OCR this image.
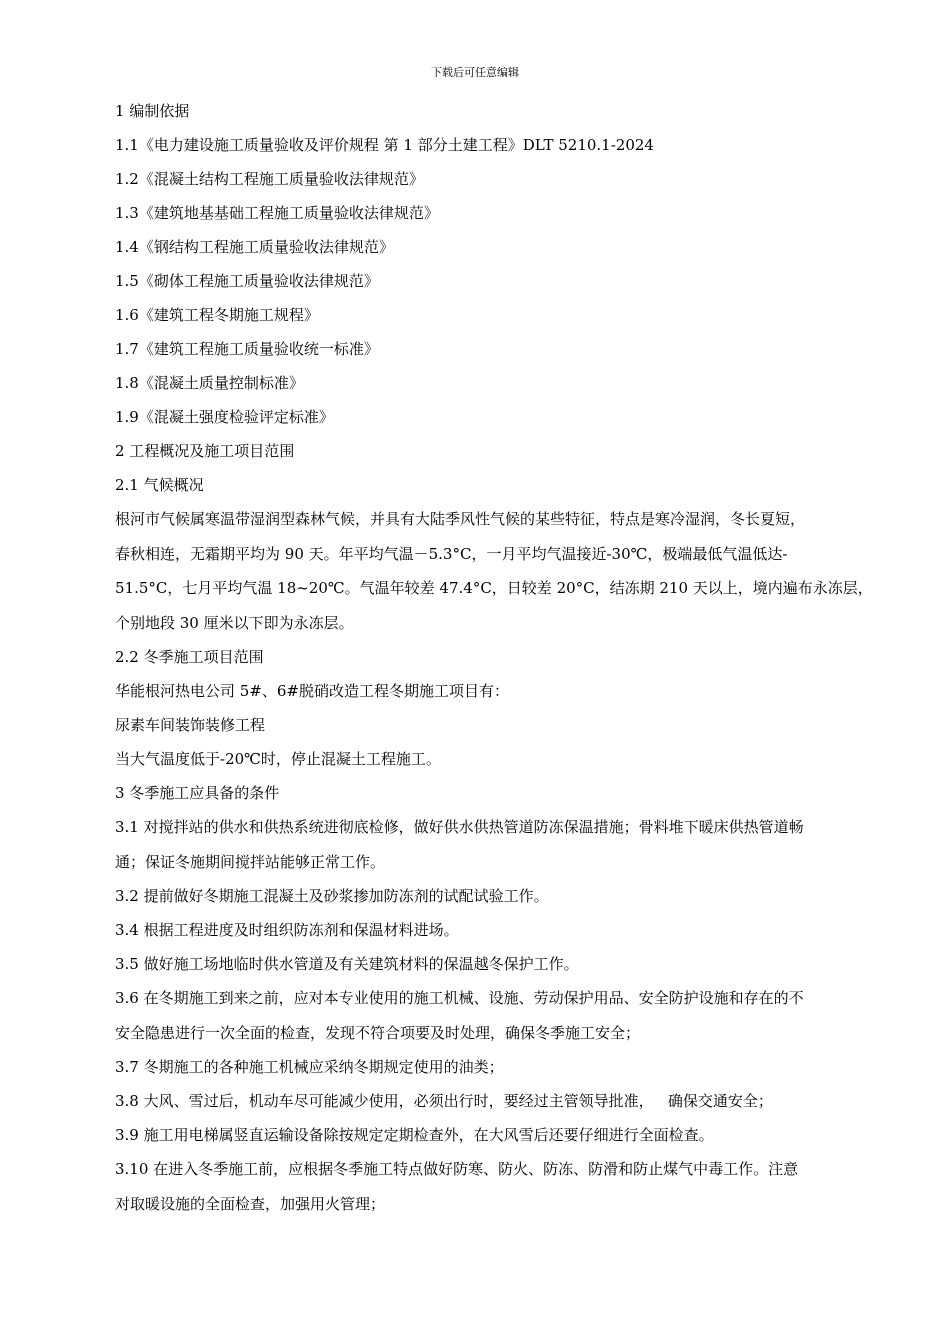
下载后可任意编辑
1 编制依据
1.1《电力建设施工质量验收及评价规程 第 1 部分土建工程》DLT 5210.1-2024
1.2《混凝土结构工程施工质量验收法律规范》
1.3《建筑地基基础工程施工质量验收法律规范》
1.4《钢结构工程施工质量验收法律规范》
1.5《砌体工程施工质量验收法律规范》
1.6《建筑工程冬期施工规程》
1.7《建筑工程施工质量验收统一标准》
1.8《混凝土质量控制标准》
1.9《混凝土强度检验评定标准》
2 工程概况及施工项目范围
2.1 气候概况
根河市气候属寒温带湿润型森林气候，并具有大陆季风性气候的某些特征，特点是寒冷湿润，冬长夏短，
春秋相连，无霜期平均为 90 天。年平均气温－5.3°C，一月平均气温接近-30℃，极端最低气温低达-
51.5°C，七月平均气温 18~20℃。气温年较差 47.4°C，日较差 20°C，结冻期 210 天以上，境内遍布永冻层，
个别地段 30 厘米以下即为永冻层。
2.2 冬季施工项目范围
华能根河热电公司 5#、6#脱硝改造工程冬期施工项目有：
尿素车间装饰装修工程
当大气温度低于-20℃时，停止混凝土工程施工。
3 冬季施工应具备的条件
3.1 对搅拌站的供水和供热系统进彻底检修，做好供水供热管道防冻保温措施；骨料堆下暖床供热管道畅
通；保证冬施期间搅拌站能够正常工作。
3.2 提前做好冬期施工混凝土及砂浆掺加防冻剂的试配试验工作。
3.4 根据工程进度及时组织防冻剂和保温材料进场。
3.5 做好施工场地临时供水管道及有关建筑材料的保温越冬保护工作。
3.6 在冬期施工到来之前，应对本专业使用的施工机械、设施、劳动保护用品、安全防护设施和存在的不
安全隐患进行一次全面的检查，发现不符合项要及时处理，确保冬季施工安全；
3.7 冬期施工的各种施工机械应采纳冬期规定使用的油类；
3.8 大风、雪过后，机动车尽可能减少使用，必须出行时，要经过主管领导批准，   确保交通安全；
3.9 施工用电梯属竖直运输设备除按规定定期检查外，在大风雪后还要仔细进行全面检查。
3.10 在进入冬季施工前，应根据冬季施工特点做好防寒、防火、防冻、防滑和防止煤气中毒工作。注意
对取暖设施的全面检查，加强用火管理；
